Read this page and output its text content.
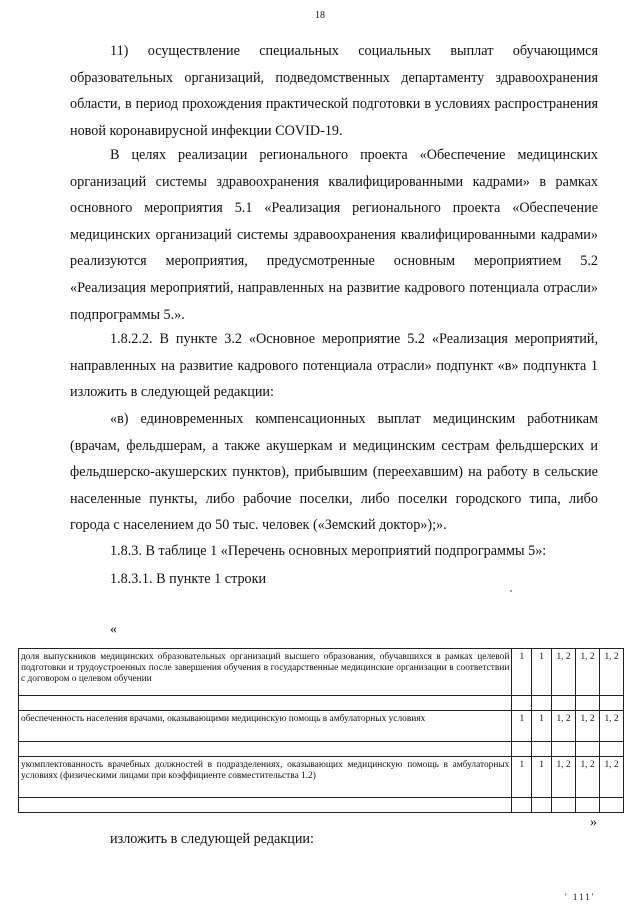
18
11) осуществление специальных социальных выплат обучающимся образовательных организаций, подведомственных департаменту здравоохранения области, в период прохождения практической подготовки в условиях распространения новой коронавирусной инфекции COVID-19.
В целях реализации регионального проекта «Обеспечение медицинских организаций системы здравоохранения квалифицированными кадрами» в рамках основного мероприятия 5.1 «Реализация регионального проекта «Обеспечение медицинских организаций системы здравоохранения квалифицированными кадрами» реализуются мероприятия, предусмотренные основным мероприятием 5.2 «Реализация мероприятий, направленных на развитие кадрового потенциала отрасли» подпрограммы 5.».
1.8.2.2. В пункте 3.2 «Основное мероприятие 5.2 «Реализация мероприятий, направленных на развитие кадрового потенциала отрасли» подпункт «в» подпункта 1 изложить в следующей редакции:
«в) единовременных компенсационных выплат медицинским работникам (врачам, фельдшерам, а также акушеркам и медицинским сестрам фельдшерских и фельдшерско-акушерских пунктов), прибывшим (переехавшим) на работу в сельские населенные пункты, либо рабочие поселки, либо поселки городского типа, либо города с населением до 50 тыс. человек («Земский доктор»);».
1.8.3. В таблице 1 «Перечень основных мероприятий подпрограммы 5»:
1.8.3.1. В пункте 1 строки
«
доля выпускников медицинских образовательных организаций высшего образования, обучавшихся в рамках целевой подготовки и трудоустроенных после завершения обучения в государственные медицинские организации в соответствии с договором о целевом обучении	1	1	1, 2	1, 2	1, 2

обеспеченность населения врачами, оказывающими медицинскую помощь в амбулаторных условиях	1	1	1, 2	1, 2	1, 2

укомплектованность врачебных должностей в подразделениях, оказывающих медицинскую помощь в амбулаторных условиях (физическими лицами при коэффициенте совместительства 1.2)	1	1	1, 2	1, 2	1, 2

»
изложить в следующей редакции:
' 111'
